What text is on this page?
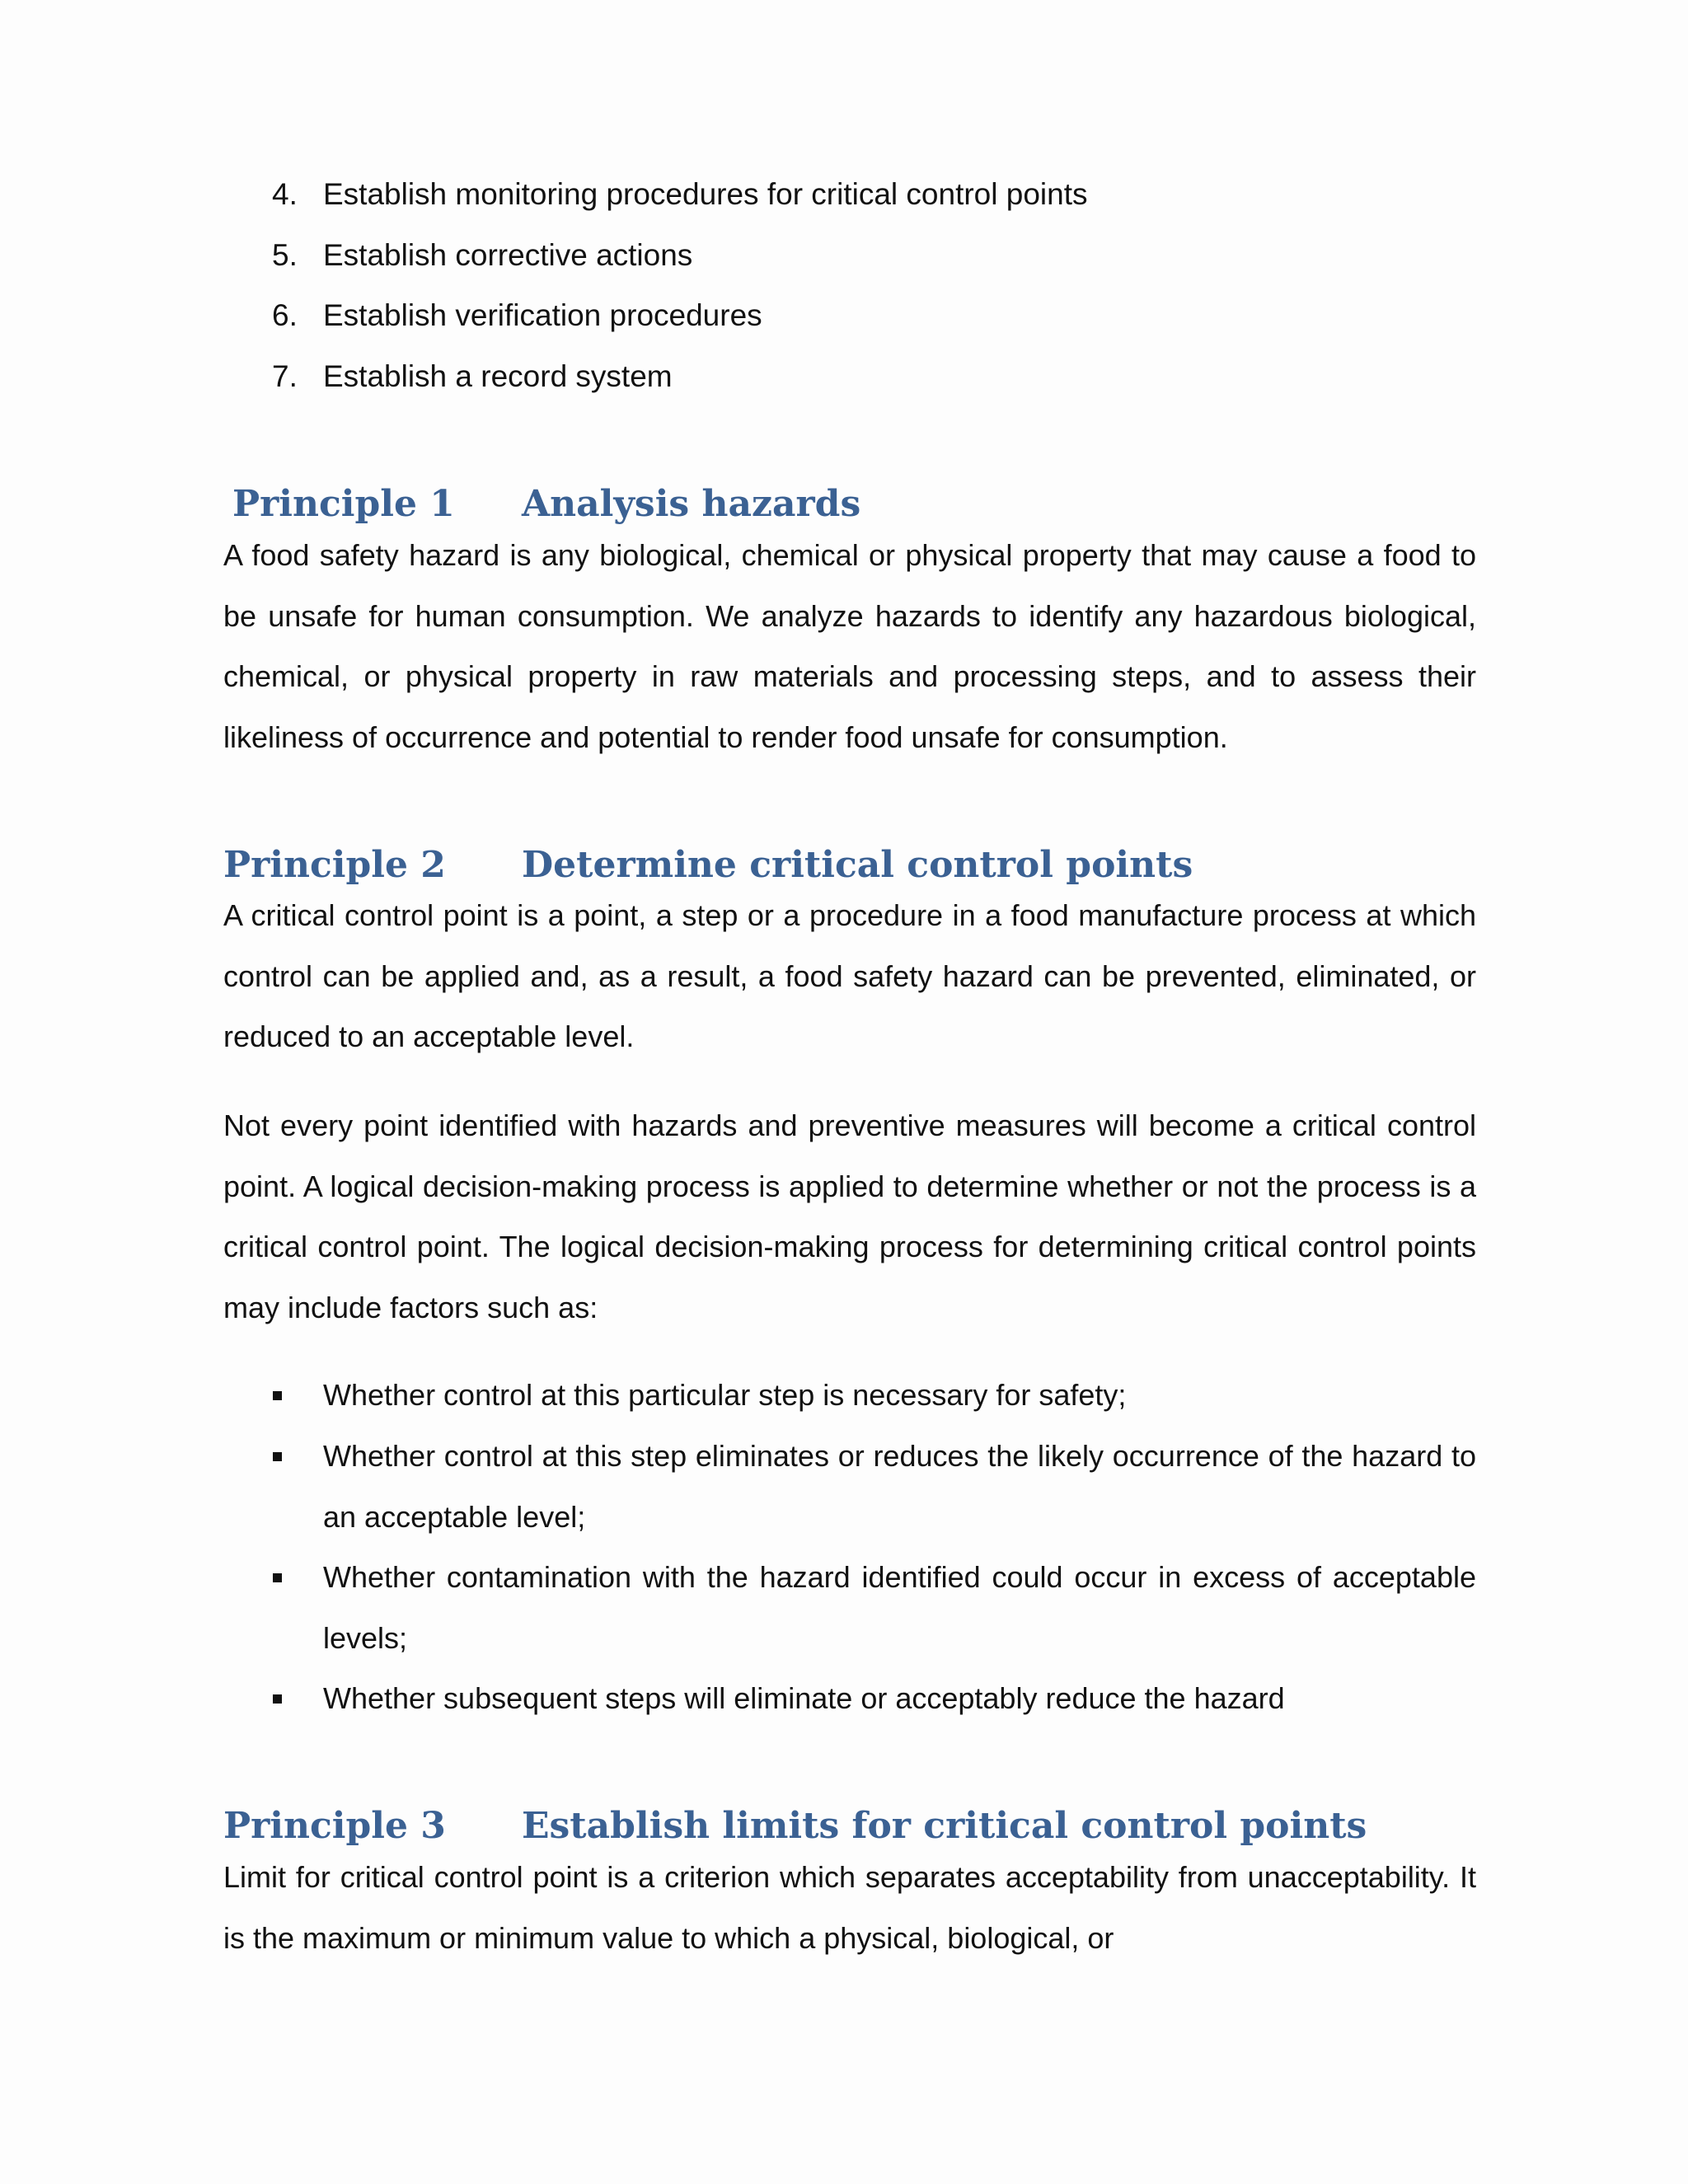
4. Establish monitoring procedures for critical control points
5. Establish corrective actions
6. Establish verification procedures
7. Establish a record system
Principle 1 Analysis hazards

A food safety hazard is any biological, chemical or physical property that may cause a food to be unsafe for human consumption. We analyze hazards to identify any hazardous biological, chemical, or physical property in raw materials and processing steps, and to assess their likeliness of occurrence and potential to render food unsafe for consumption.

Principle 2 Determine critical control points

A critical control point is a point, a step or a procedure in a food manufacture process at which control can be applied and, as a result, a food safety hazard can be prevented, eliminated, or reduced to an acceptable level.

Not every point identified with hazards and preventive measures will become a critical control point. A logical decision-making process is applied to determine whether or not the process is a critical control point. The logical decision-making process for determining critical control points may include factors such as:

Whether control at this particular step is necessary for safety;
Whether control at this step eliminates or reduces the likely occurrence of the hazard to an acceptable level;
Whether contamination with the hazard identified could occur in excess of acceptable levels;
Whether subsequent steps will eliminate or acceptably reduce the hazard
Principle 3 Establish limits for critical control points

Limit for critical control point is a criterion which separates acceptability from unacceptability. It is the maximum or minimum value to which a physical, biological, or
